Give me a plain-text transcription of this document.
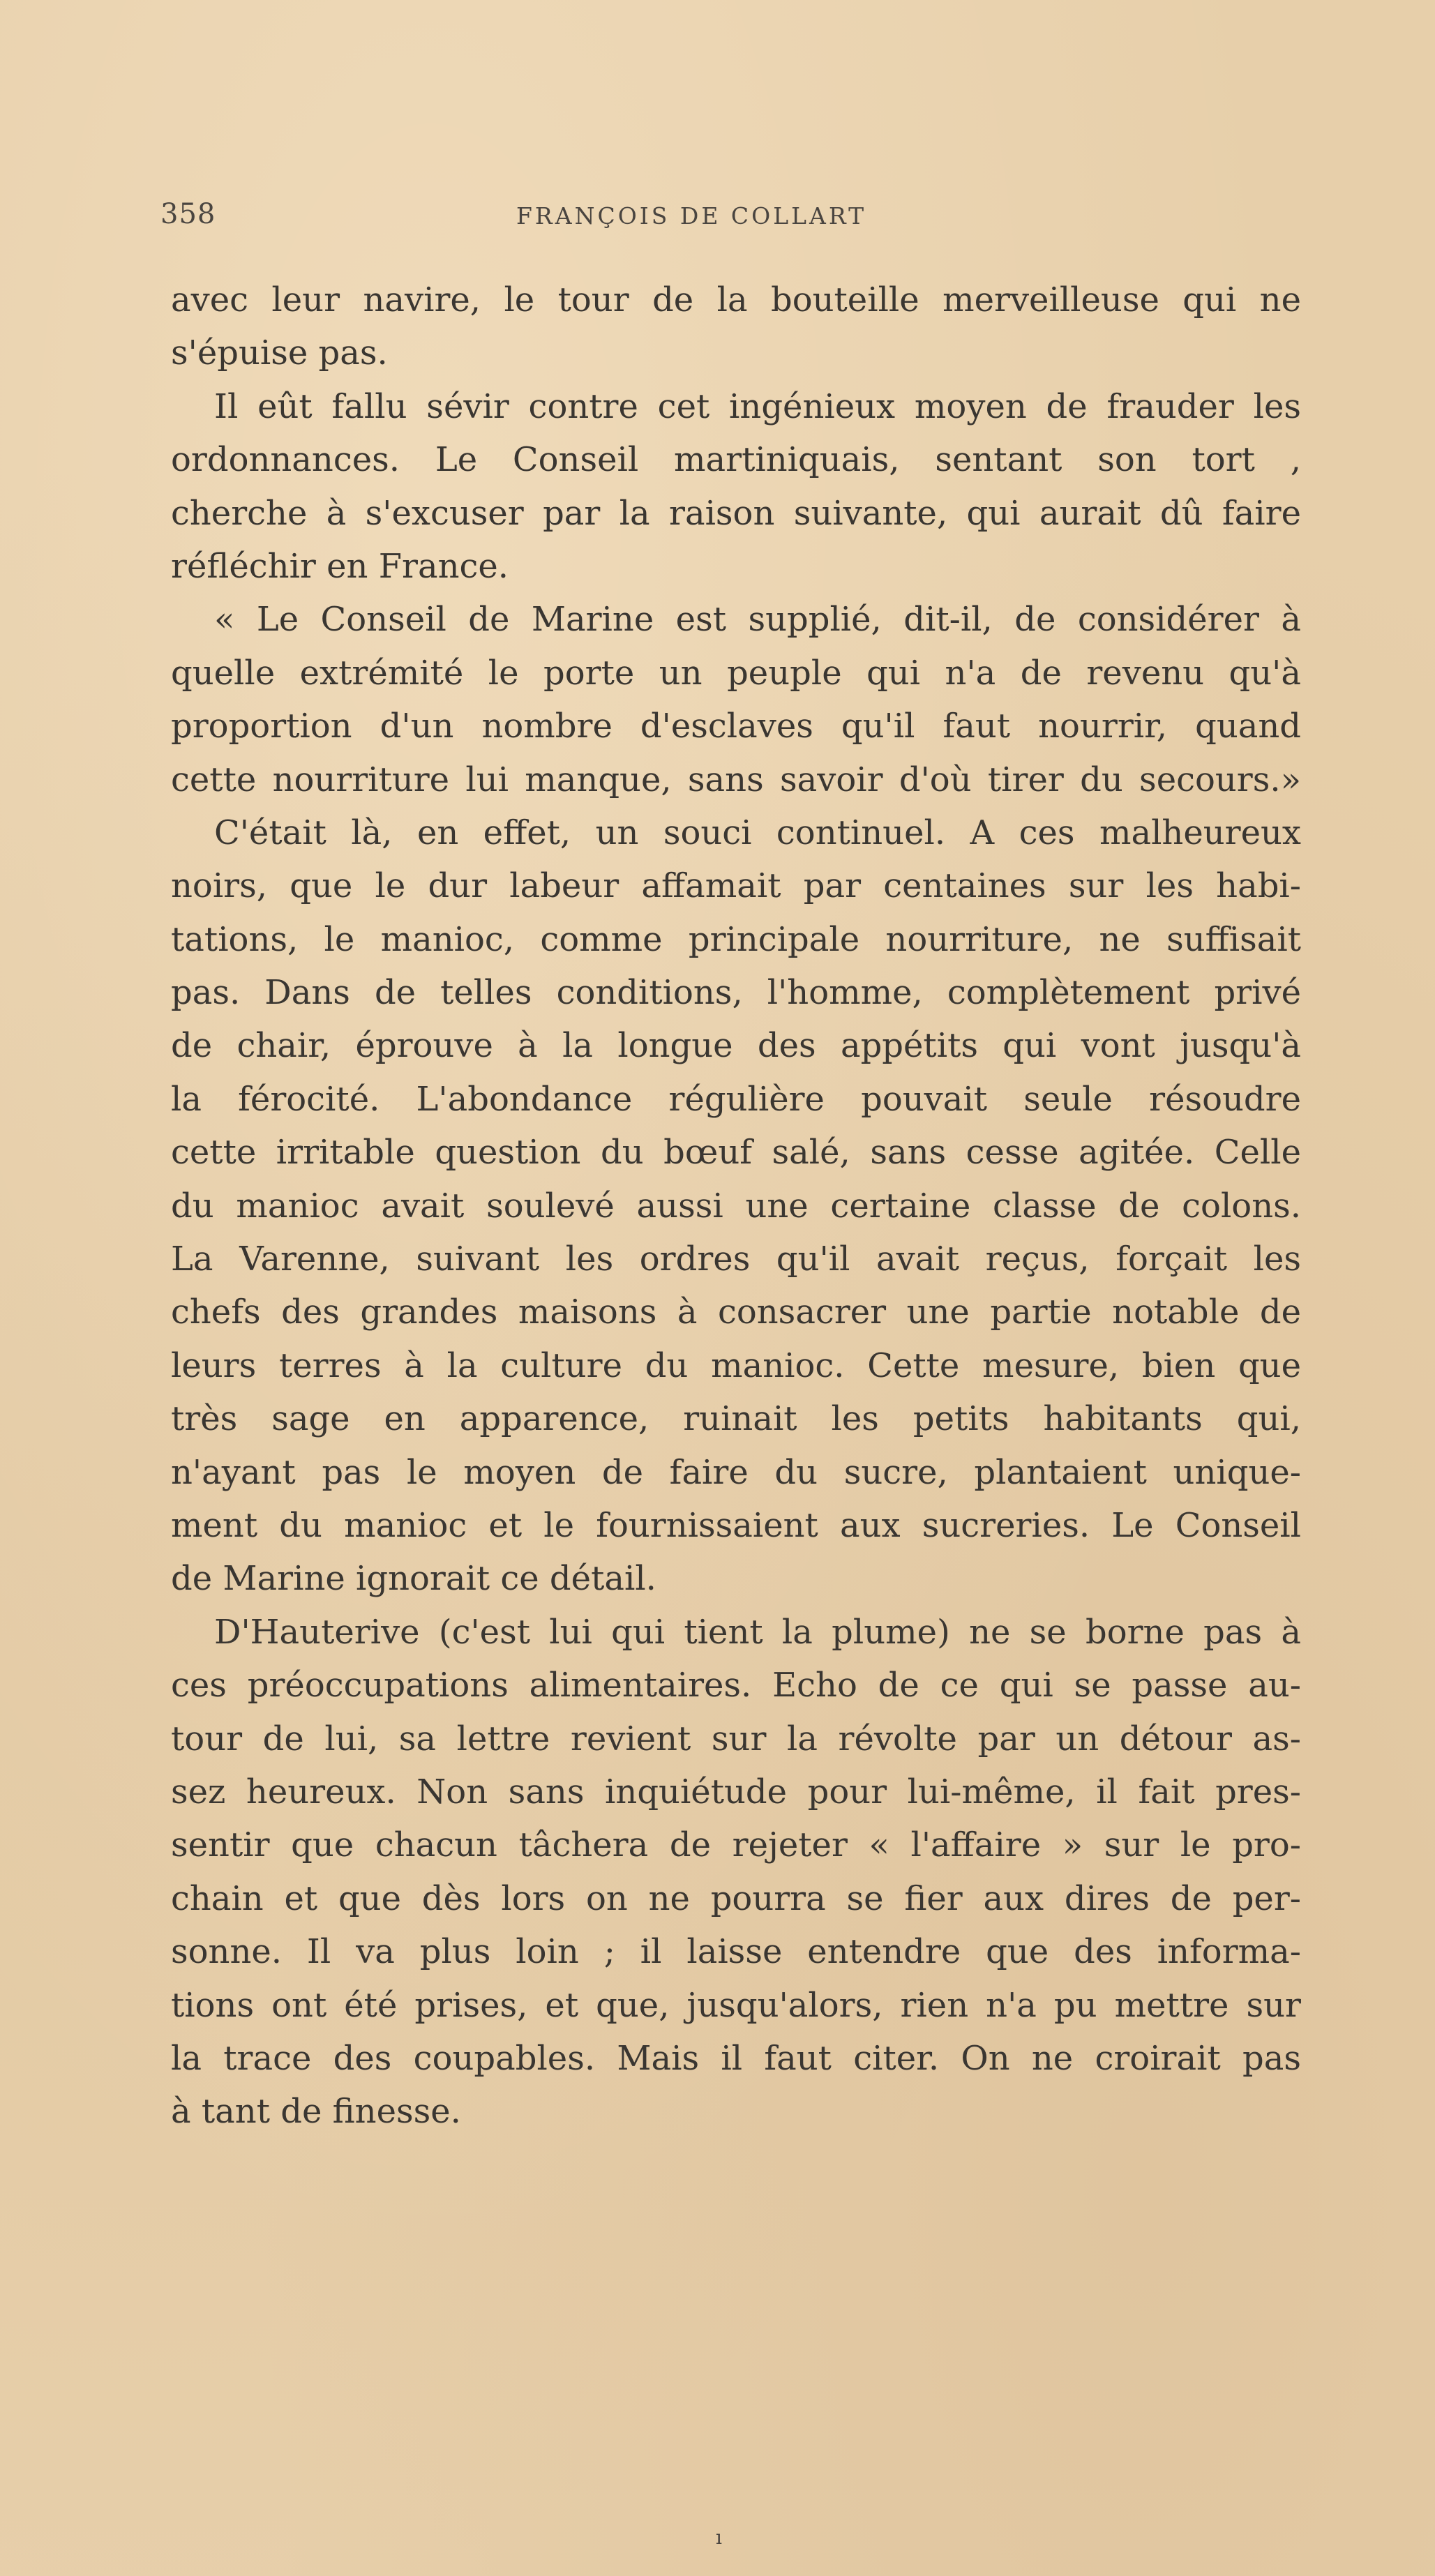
358	FRANÇOIS DE COLLART
avec leur navire, le tour de la bouteille merveilleuse qui ne
s'épuise pas.
Il eût fallu sévir contre cet ingénieux moyen de frauder les
ordonnances. Le Conseil martiniquais, sentant son tort ,
cherche à s'excuser par la raison suivante, qui aurait dû faire
réfléchir en France.
« Le Conseil de Marine est supplié, dit-il, de considérer à
quelle extrémité le porte un peuple qui n'a de revenu qu'à
proportion d'un nombre d'esclaves qu'il faut nourrir, quand
cette nourriture lui manque, sans savoir d'où tirer du secours.»
C'était là, en effet, un souci continuel. A ces malheureux
noirs, que le dur labeur affamait par centaines sur les habi-
tations, le manioc, comme principale nourriture, ne suffisait
pas. Dans de telles conditions, l'homme, complètement privé
de chair, éprouve à la longue des appétits qui vont jusqu'à
la férocité. L'abondance régulière pouvait seule résoudre
cette irritable question du bœuf salé, sans cesse agitée. Celle
du manioc avait soulevé aussi une certaine classe de colons.
La Varenne, suivant les ordres qu'il avait reçus, forçait les
chefs des grandes maisons à consacrer une partie notable de
leurs terres à la culture du manioc. Cette mesure, bien que
très sage en apparence, ruinait les petits habitants qui,
n'ayant pas le moyen de faire du sucre, plantaient unique-
ment du manioc et le fournissaient aux sucreries. Le Conseil
de Marine ignorait ce détail.
D'Hauterive (c'est lui qui tient la plume) ne se borne pas à
ces préoccupations alimentaires. Echo de ce qui se passe au-
tour de lui, sa lettre revient sur la révolte par un détour as-
sez heureux. Non sans inquiétude pour lui-même, il fait pres-
sentir que chacun tâchera de rejeter « l'affaire » sur le pro-
chain et que dès lors on ne pourra se fier aux dires de per-
sonne. Il va plus loin ; il laisse entendre que des informa-
tions ont été prises, et que, jusqu'alors, rien n'a pu mettre sur
la trace des coupables. Mais il faut citer. On ne croirait pas
à tant de finesse.
ı
